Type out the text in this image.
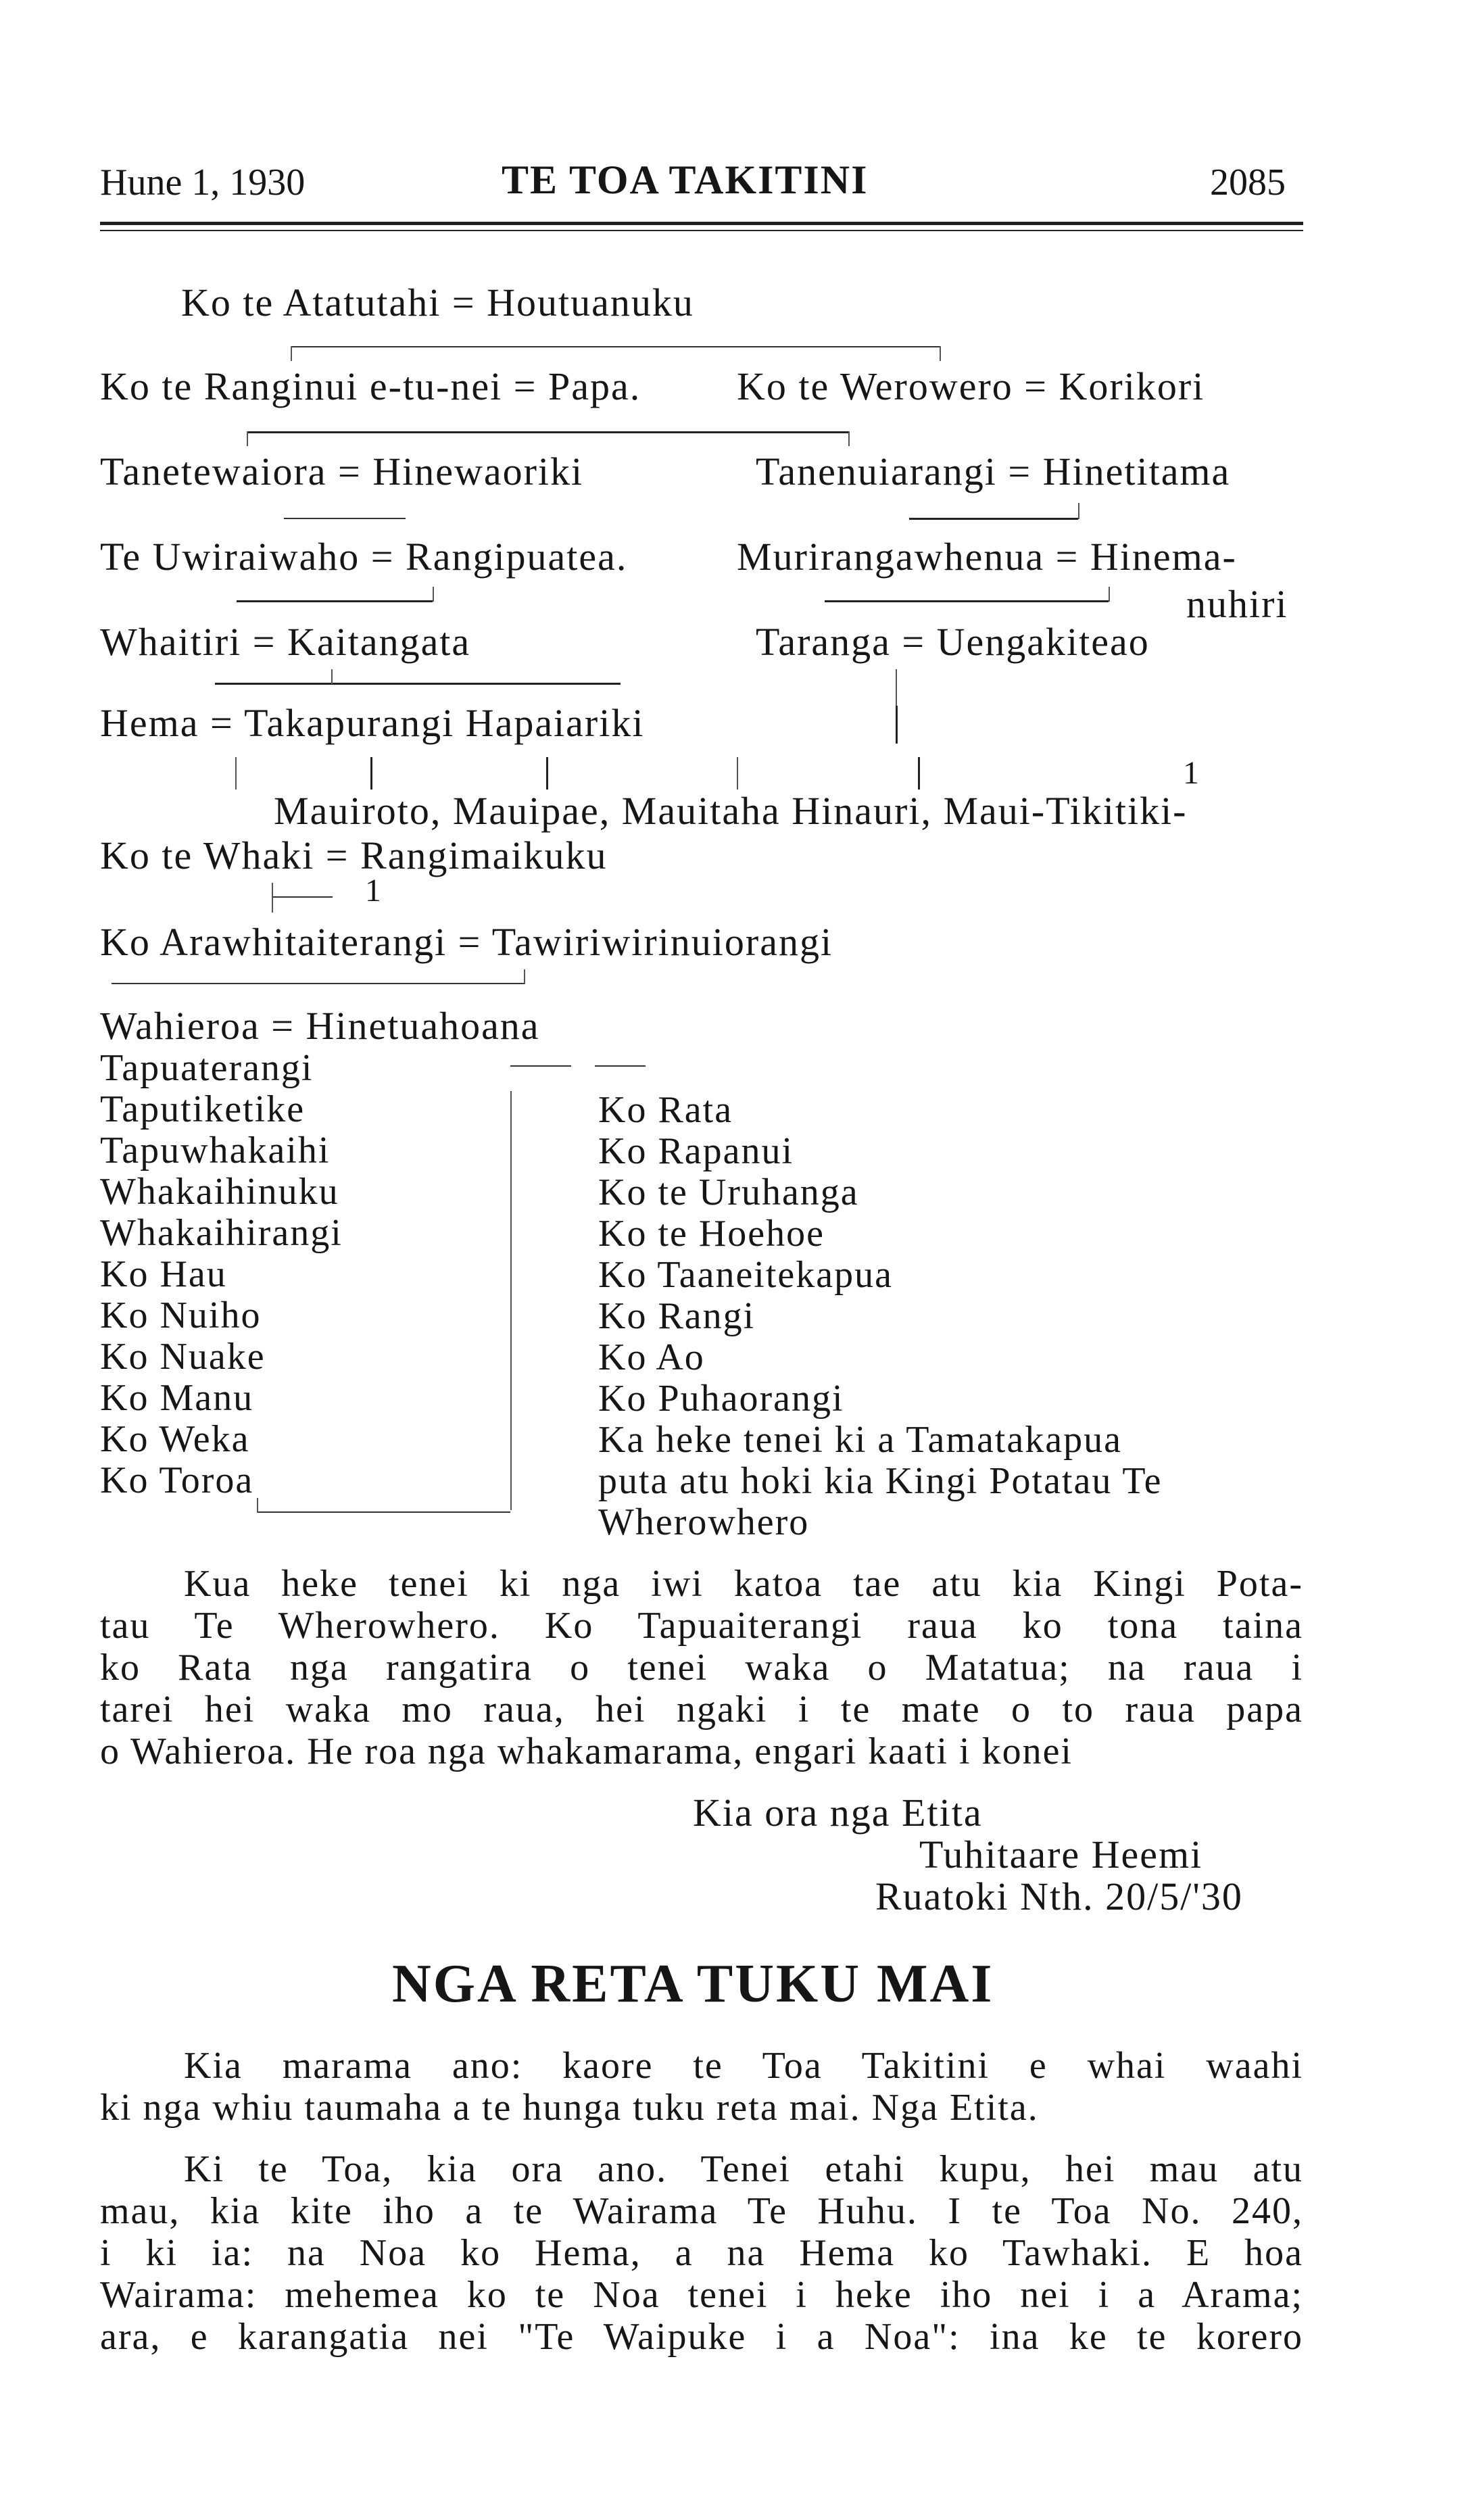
Hune 1, 1930	TE TOA TAKITINI	2085
Ko te Atatutahi = Houtuanuku
Ko te Ranginui e-tu-nei = Papa. Ko te Werowero = Korikori
Tanetewaiora = Hinewaoriki	Tanenuiarangi = Hinetitama
Te Uwiraiwaho = Rangipuatea.	Murirangawhenua = Hinema-
nuhiri
Whaitiri = Kaitangata	Taranga = Uengakiteao
Hema = Takapurangi Hapaiariki
1
Mauiroto, Mauipae, Mauitaha Hinauri, Maui-Tikitiki-
Ko te Whaki = Rangimaikuku
1
Ko Arawhitaiterangi = Tawiriwirinuiorangi
Wahieroa = Hinetuahoana
Tapuaterangi
Taputiketike
Tapuwhakaihi
Whakaihinuku
Whakaihirangi
Ko Hau
Ko Nuiho
Ko Nuake
Ko Manu
Ko Weka
Ko Toroa
Ko Rata
Ko Rapanui
Ko te Uruhanga
Ko te Hoehoe
Ko Taaneitekapua
Ko Rangi
Ko Ao
Ko Puhaorangi
Ka heke tenei ki a Tamatakapua
puta atu hoki kia Kingi Potatau Te
Wherowhero
Kua heke tenei ki nga iwi katoa tae atu kia Kingi Pota-
tau Te Wherowhero. Ko Tapuaiterangi raua ko tona taina
ko Rata nga rangatira o tenei waka o Matatua; na raua i
tarei hei waka mo raua, hei ngaki i te mate o to raua papa
o Wahieroa. He roa nga whakamarama, engari kaati i konei
Kia ora nga Etita
Tuhitaare Heemi
Ruatoki Nth. 20/5/'30
NGA RETA TUKU MAI
Kia marama ano: kaore te Toa Takitini e whai waahi
ki nga whiu taumaha a te hunga tuku reta mai. Nga Etita.
Ki te Toa, kia ora ano. Tenei etahi kupu, hei mau atu
mau, kia kite iho a te Wairama Te Huhu. I te Toa No. 240,
i ki ia: na Noa ko Hema, a na Hema ko Tawhaki. E hoa
Wairama: mehemea ko te Noa tenei i heke iho nei i a Arama;
ara, e karangatia nei "Te Waipuke i a Noa": ina ke te korero
